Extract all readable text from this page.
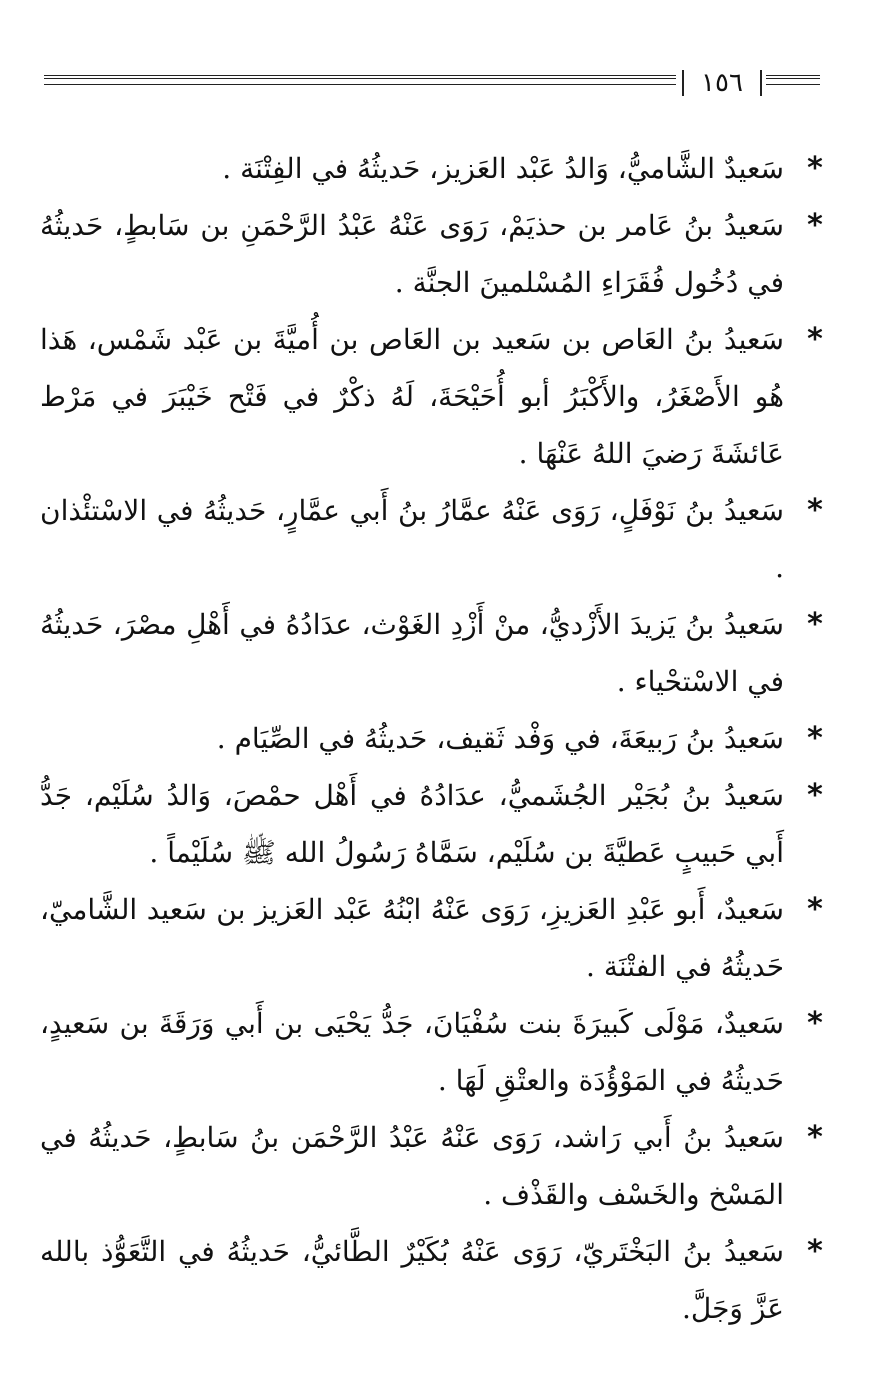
١٥٦
*
سَعيدٌ الشَّاميُّ، وَالدُ عَبْد العَزيز، حَديثُهُ في الفِتْنَة .
*
سَعيدُ بنُ عَامر بن حذيَمْ، رَوَى عَنْهُ عَبْدُ الرَّحْمَنِ بن سَابطٍ، حَديثُهُ في دُخُول فُقَرَاءِ المُسْلمينَ الجنَّة .
*
سَعيدُ بنُ العَاص بن سَعيد بن العَاص بن أُميَّةَ بن عَبْد شَمْس، هَذا هُو الأَصْغَرُ، والأَكْبَرُ أبو أُحَيْحَةَ، لَهُ ذكْرٌ في فَتْح خَيْبَرَ في مَرْط عَائشَةَ رَضيَ اللهُ عَنْهَا .
*
سَعيدُ بنُ نَوْفَلٍ، رَوَى عَنْهُ عمَّارُ بنُ أَبي عمَّارٍ، حَديثُهُ في الاسْتئْذان .
*
سَعيدُ بنُ يَزيدَ الأَزْديُّ، منْ أَزْدِ الغَوْث، عدَادُهُ في أَهْلِ مصْرَ، حَديثُهُ في الاسْتحْياء .
*
سَعيدُ بنُ رَبيعَةَ، في وَفْد ثَقيف، حَديثُهُ في الصِّيَام .
*
سَعيدُ بنُ بُجَيْر الجُشَميُّ، عدَادُهُ في أَهْل حمْصَ، وَالدُ سُلَيْم، جَدُّ أَبي حَبيبٍ عَطيَّةَ بن سُلَيْم، سَمَّاهُ رَسُولُ الله ﷺ سُلَيْماً .
*
سَعيدٌ، أَبو عَبْدِ العَزيزِ، رَوَى عَنْهُ ابْنُهُ عَبْد العَزيز بن سَعيد الشَّاميّ، حَديثُهُ في الفتْنَة .
*
سَعيدٌ، مَوْلَى كَبيرَةَ بنت سُفْيَانَ، جَدُّ يَحْيَى بن أَبي وَرَقَةَ بن سَعيدٍ، حَديثُهُ في المَوْؤُدَة والعتْقِ لَهَا .
*
سَعيدُ بنُ أَبي رَاشد، رَوَى عَنْهُ عَبْدُ الرَّحْمَن بنُ سَابطٍ، حَديثُهُ في المَسْخ والخَسْف والقَذْف .
*
سَعيدُ بنُ البَخْتَريّ، رَوَى عَنْهُ بُكَيْرٌ الطَّائيُّ، حَديثُهُ في التَّعَوُّذ بالله عَزَّ وَجَلَّ.
